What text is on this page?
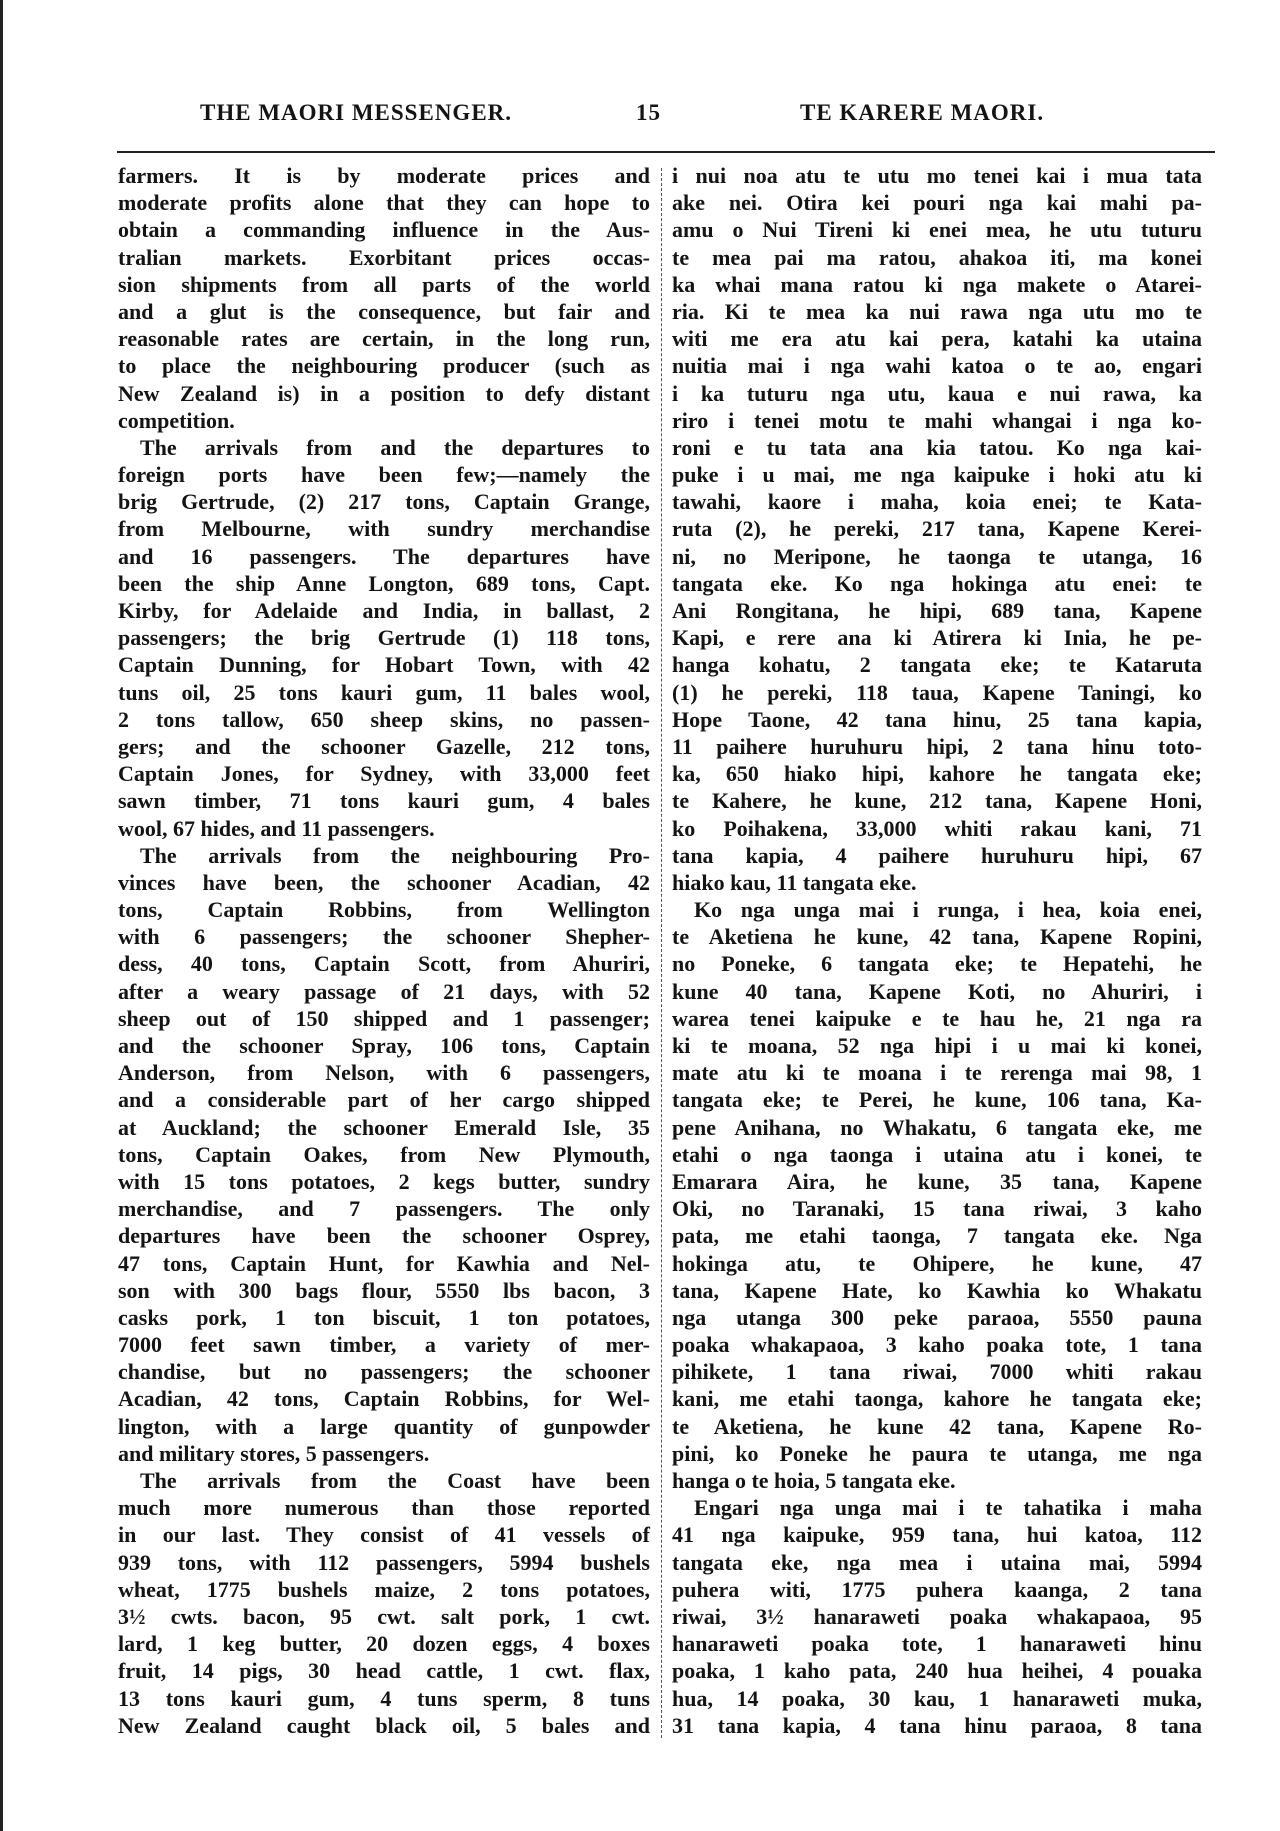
THE MAORI MESSENGER.	15	TE KARERE MAORI.
farmers. It is by moderate prices and
moderate profits alone that they can hope to
obtain a commanding influence in the Aus-
tralian markets. Exorbitant prices occas-
sion shipments from all parts of the world
and a glut is the consequence, but fair and
reasonable rates are certain, in the long run,
to place the neighbouring producer (such as
New Zealand is) in a position to defy distant
competition.
The arrivals from and the departures to
foreign ports have been few;—namely the
brig Gertrude, (2) 217 tons, Captain Grange,
from Melbourne, with sundry merchandise
and 16 passengers. The departures have
been the ship Anne Longton, 689 tons, Capt.
Kirby, for Adelaide and India, in ballast, 2
passengers; the brig Gertrude (1) 118 tons,
Captain Dunning, for Hobart Town, with 42
tuns oil, 25 tons kauri gum, 11 bales wool,
2 tons tallow, 650 sheep skins, no passen-
gers; and the schooner Gazelle, 212 tons,
Captain Jones, for Sydney, with 33,000 feet
sawn timber, 71 tons kauri gum, 4 bales
wool, 67 hides, and 11 passengers.
The arrivals from the neighbouring Pro-
vinces have been, the schooner Acadian, 42
tons, Captain Robbins, from Wellington
with 6 passengers; the schooner Shepher-
dess, 40 tons, Captain Scott, from Ahuriri,
after a weary passage of 21 days, with 52
sheep out of 150 shipped and 1 passenger;
and the schooner Spray, 106 tons, Captain
Anderson, from Nelson, with 6 passengers,
and a considerable part of her cargo shipped
at Auckland; the schooner Emerald Isle, 35
tons, Captain Oakes, from New Plymouth,
with 15 tons potatoes, 2 kegs butter, sundry
merchandise, and 7 passengers. The only
departures have been the schooner Osprey,
47 tons, Captain Hunt, for Kawhia and Nel-
son with 300 bags flour, 5550 lbs bacon, 3
casks pork, 1 ton biscuit, 1 ton potatoes,
7000 feet sawn timber, a variety of mer-
chandise, but no passengers; the schooner
Acadian, 42 tons, Captain Robbins, for Wel-
lington, with a large quantity of gunpowder
and military stores, 5 passengers.
The arrivals from the Coast have been
much more numerous than those reported
in our last. They consist of 41 vessels of
939 tons, with 112 passengers, 5994 bushels
wheat, 1775 bushels maize, 2 tons potatoes,
3½ cwts. bacon, 95 cwt. salt pork, 1 cwt.
lard, 1 keg butter, 20 dozen eggs, 4 boxes
fruit, 14 pigs, 30 head cattle, 1 cwt. flax,
13 tons kauri gum, 4 tuns sperm, 8 tuns
New Zealand caught black oil, 5 bales and
i nui noa atu te utu mo tenei kai i mua tata
ake nei. Otira kei pouri nga kai mahi pa-
amu o Nui Tireni ki enei mea, he utu tuturu
te mea pai ma ratou, ahakoa iti, ma konei
ka whai mana ratou ki nga makete o Atarei-
ria. Ki te mea ka nui rawa nga utu mo te
witi me era atu kai pera, katahi ka utaina
nuitia mai i nga wahi katoa o te ao, engari
i ka tuturu nga utu, kaua e nui rawa, ka
riro i tenei motu te mahi whangai i nga ko-
roni e tu tata ana kia tatou. Ko nga kai-
puke i u mai, me nga kaipuke i hoki atu ki
tawahi, kaore i maha, koia enei; te Kata-
ruta (2), he pereki, 217 tana, Kapene Kerei-
ni, no Meripone, he taonga te utanga, 16
tangata eke. Ko nga hokinga atu enei: te
Ani Rongitana, he hipi, 689 tana, Kapene
Kapi, e rere ana ki Atirera ki Inia, he pe-
hanga kohatu, 2 tangata eke; te Kataruta
(1) he pereki, 118 taua, Kapene Taningi, ko
Hope Taone, 42 tana hinu, 25 tana kapia,
11 paihere huruhuru hipi, 2 tana hinu toto-
ka, 650 hiako hipi, kahore he tangata eke;
te Kahere, he kune, 212 tana, Kapene Honi,
ko Poihakena, 33,000 whiti rakau kani, 71
tana kapia, 4 paihere huruhuru hipi, 67
hiako kau, 11 tangata eke.
Ko nga unga mai i runga, i hea, koia enei,
te Aketiena he kune, 42 tana, Kapene Ropini,
no Poneke, 6 tangata eke; te Hepatehi, he
kune 40 tana, Kapene Koti, no Ahuriri, i
warea tenei kaipuke e te hau he, 21 nga ra
ki te moana, 52 nga hipi i u mai ki konei,
mate atu ki te moana i te rerenga mai 98, 1
tangata eke; te Perei, he kune, 106 tana, Ka-
pene Anihana, no Whakatu, 6 tangata eke, me
etahi o nga taonga i utaina atu i konei, te
Emarara Aira, he kune, 35 tana, Kapene
Oki, no Taranaki, 15 tana riwai, 3 kaho
pata, me etahi taonga, 7 tangata eke. Nga
hokinga atu, te Ohipere, he kune, 47
tana, Kapene Hate, ko Kawhia ko Whakatu
nga utanga 300 peke paraoa, 5550 pauna
poaka whakapaoa, 3 kaho poaka tote, 1 tana
pihikete, 1 tana riwai, 7000 whiti rakau
kani, me etahi taonga, kahore he tangata eke;
te Aketiena, he kune 42 tana, Kapene Ro-
pini, ko Poneke he paura te utanga, me nga
hanga o te hoia, 5 tangata eke.
Engari nga unga mai i te tahatika i maha
41 nga kaipuke, 959 tana, hui katoa, 112
tangata eke, nga mea i utaina mai, 5994
puhera witi, 1775 puhera kaanga, 2 tana
riwai, 3½ hanaraweti poaka whakapaoa, 95
hanaraweti poaka tote, 1 hanaraweti hinu
poaka, 1 kaho pata, 240 hua heihei, 4 pouaka
hua, 14 poaka, 30 kau, 1 hanaraweti muka,
31 tana kapia, 4 tana hinu paraoa, 8 tana
